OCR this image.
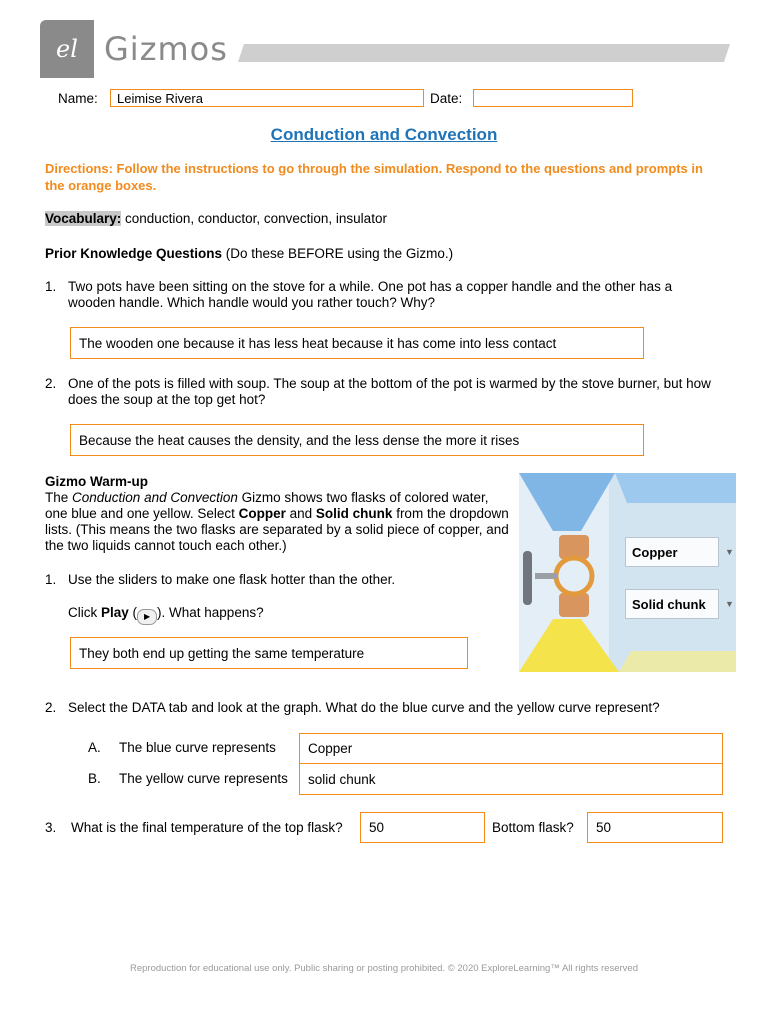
el Gizmos
Name:	Leimise Rivera	Date:
Conduction and Convection
Directions: Follow the instructions to go through the simulation. Respond to the questions and prompts in the orange boxes.
Vocabulary: conduction, conductor, convection, insulator
Prior Knowledge Questions (Do these BEFORE using the Gizmo.)
1. Two pots have been sitting on the stove for a while. One pot has a copper handle and the other has a wooden handle. Which handle would you rather touch? Why?
The wooden one because it has less heat because it has come into less contact
2. One of the pots is filled with soup. The soup at the bottom of the pot is warmed by the stove burner, but how does the soup at the top get hot?
Because the heat causes the density, and the less dense the more it rises
Gizmo Warm-up
The Conduction and Convection Gizmo shows two flasks of colored water, one blue and one yellow. Select Copper and Solid chunk from the dropdown lists. (This means the two flasks are separated by a solid piece of copper, and the two liquids cannot touch each other.)
1. Use the sliders to make one flask hotter than the other.
Click Play ( ▶ ). What happens?
They both end up getting the same temperature
Copper	▼
Solid chunk	▼
2. Select the DATA tab and look at the graph. What do the blue curve and the yellow curve represent?
A. The blue curve represents	Copper
B. The yellow curve represents	solid chunk
3. What is the final temperature of the top flask?	50	Bottom flask?	50
Reproduction for educational use only. Public sharing or posting prohibited. © 2020 ExploreLearning™ All rights reserved
